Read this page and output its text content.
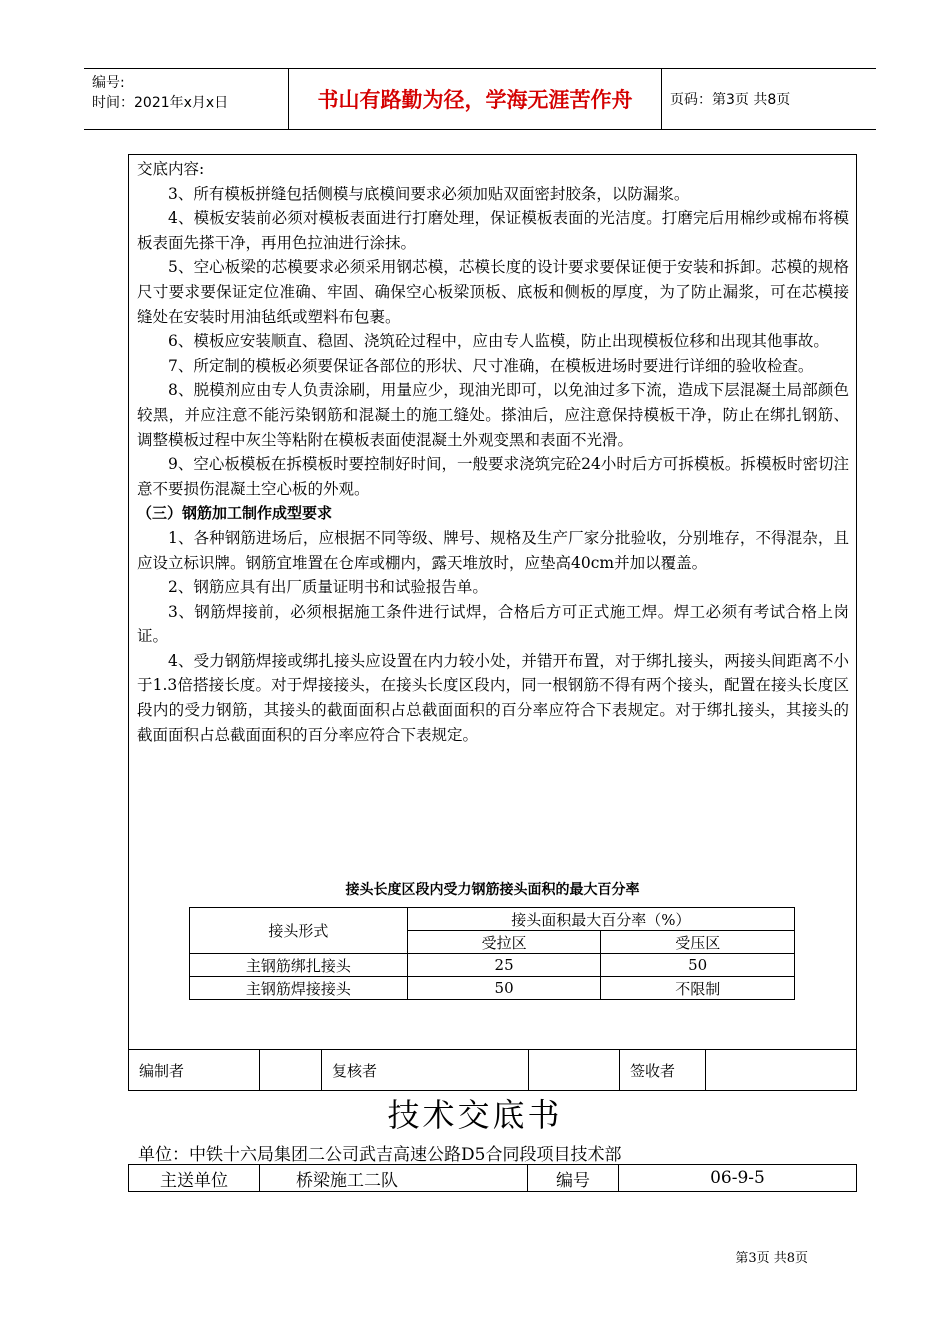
编号:
时间：2021年x月x日	书山有路勤为径，学海无涯苦作舟	页码：第3页 共8页

交底内容:

3、所有模板拼缝包括侧模与底模间要求必须加贴双面密封胶条，以防漏浆。

4、模板安装前必须对模板表面进行打磨处理，保证模板表面的光洁度。打磨完后用棉纱或棉布将模板表面先搽干净，再用色拉油进行涂抹。

5、空心板梁的芯模要求必须采用钢芯模，芯模长度的设计要求要保证便于安装和拆卸。芯模的规格尺寸要求要保证定位准确、牢固、确保空心板梁顶板、底板和侧板的厚度，为了防止漏浆，可在芯模接缝处在安装时用油毡纸或塑料布包裹。

6、模板应安装顺直、稳固、浇筑砼过程中，应由专人监模，防止出现模板位移和出现其他事故。

7、所定制的模板必须要保证各部位的形状、尺寸准确，在模板进场时要进行详细的验收检查。

8、脱模剂应由专人负责涂刷，用量应少，现油光即可，以免油过多下流，造成下层混凝土局部颜色较黑，并应注意不能污染钢筋和混凝土的施工缝处。搽油后，应注意保持模板干净，防止在绑扎钢筋、调整模板过程中灰尘等粘附在模板表面使混凝土外观变黑和表面不光滑。

9、空心板模板在拆模板时要控制好时间，一般要求浇筑完砼24小时后方可拆模板。拆模板时密切注意不要损伤混凝土空心板的外观。

（三）钢筋加工制作成型要求

1、各种钢筋进场后，应根据不同等级、牌号、规格及生产厂家分批验收，分别堆存，不得混杂，且应设立标识牌。钢筋宜堆置在仓库或棚内，露天堆放时，应垫高40cm并加以覆盖。

2、钢筋应具有出厂质量证明书和试验报告单。

3、钢筋焊接前，必须根据施工条件进行试焊，合格后方可正式施工焊。焊工必须有考试合格上岗证。

4、受力钢筋焊接或绑扎接头应设置在内力较小处，并错开布置，对于绑扎接头，两接头间距离不小于1.3倍搭接长度。对于焊接接头，在接头长度区段内，同一根钢筋不得有两个接头，配置在接头长度区段内的受力钢筋，其接头的截面面积占总截面面积的百分率应符合下表规定。对于绑扎接头，其接头的截面面积占总截面面积的百分率应符合下表规定。

接头长度区段内受力钢筋接头面积的最大百分率
接头形式	接头面积最大百分率（%）	
	受拉区	受压区
主钢筋绑扎接头	25	50
主钢筋焊接接头	50	不限制
编制者	复核者	签收者
技术交底书
单位：中铁十六局集团二公司武吉高速公路D5合同段项目技术部
主送单位	桥梁施工二队	编号	06-9-5
第3页 共8页
